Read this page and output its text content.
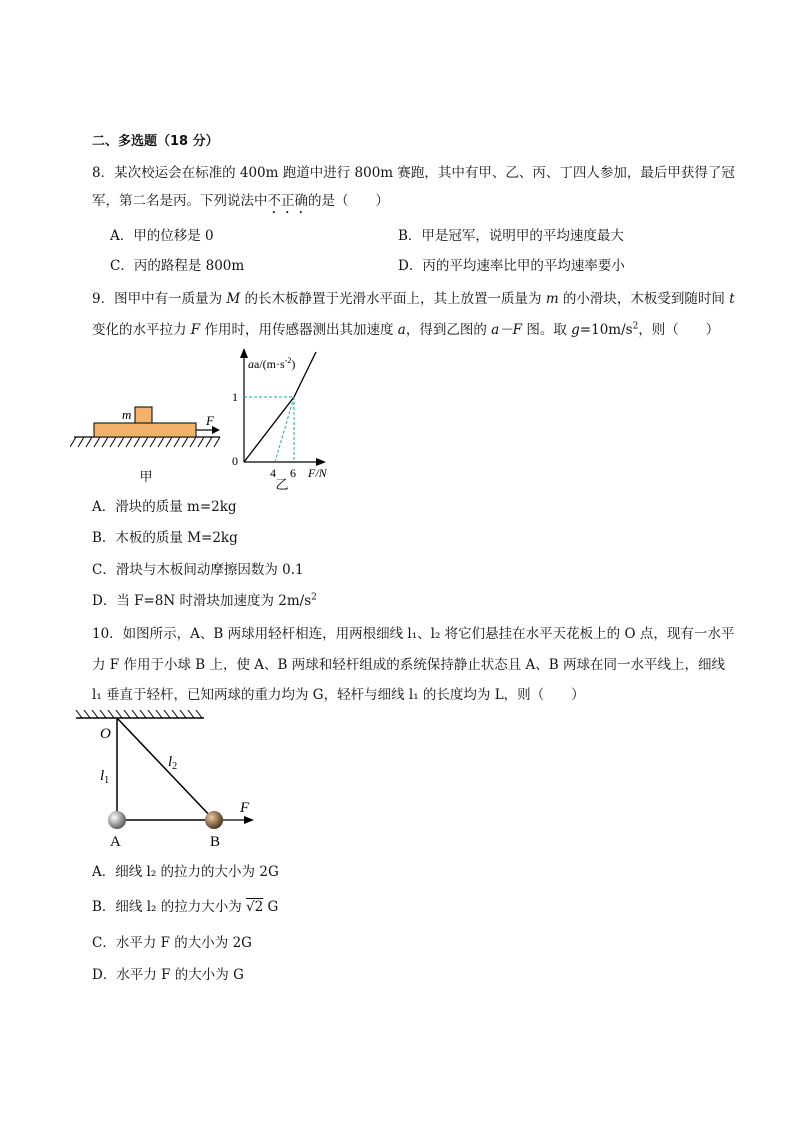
二、多选题（18 分）
8．某次校运会在标准的 400m 跑道中进行 800m 赛跑，其中有甲、乙、丙、丁四人参加，最后甲获得了冠
军，第二名是丙。下列说法中不正确的是（　　）
A．甲的位移是 0	B．甲是冠军，说明甲的平均速度最大
C．丙的路程是 800m	D．丙的平均速率比甲的平均速率要小
9．图甲中有一质量为 M 的长木板静置于光滑水平面上，其上放置一质量为 m 的小滑块，木板受到随时间 t
变化的水平拉力 F 作用时，用传感器测出其加速度 a，得到乙图的 a－F 图。取 $g=10m/s^2$，则（　　）
m	F
甲
$aa/(m\cdot s^{-2})$
1
0
4 6 F/N
乙
A．滑块的质量 m=2kg
B．木板的质量 M=2kg
C．滑块与木板间动摩擦因数为 0.1
D．当 F=8N 时滑块加速度为 $2m/s^2$
10．如图所示，A、B 两球用轻杆相连，用两根细线 l₁、l₂ 将它们悬挂在水平天花板上的 O 点，现有一水平
力 F 作用于小球 B 上，使 A、B 两球和轻杆组成的系统保持静止状态且 A、B 两球在同一水平线上，细线
l₁ 垂直于轻杆，已知两球的重力均为 G，轻杆与细线 l₁ 的长度均为 L，则（　　）
O
$l_1$
$l_2$
A	B
F
A．细线 l₂ 的拉力的大小为 2G
B．细线 l₂ 的拉力大小为 √2 G
C．水平力 F 的大小为 2G
D．水平力 F 的大小为 G
